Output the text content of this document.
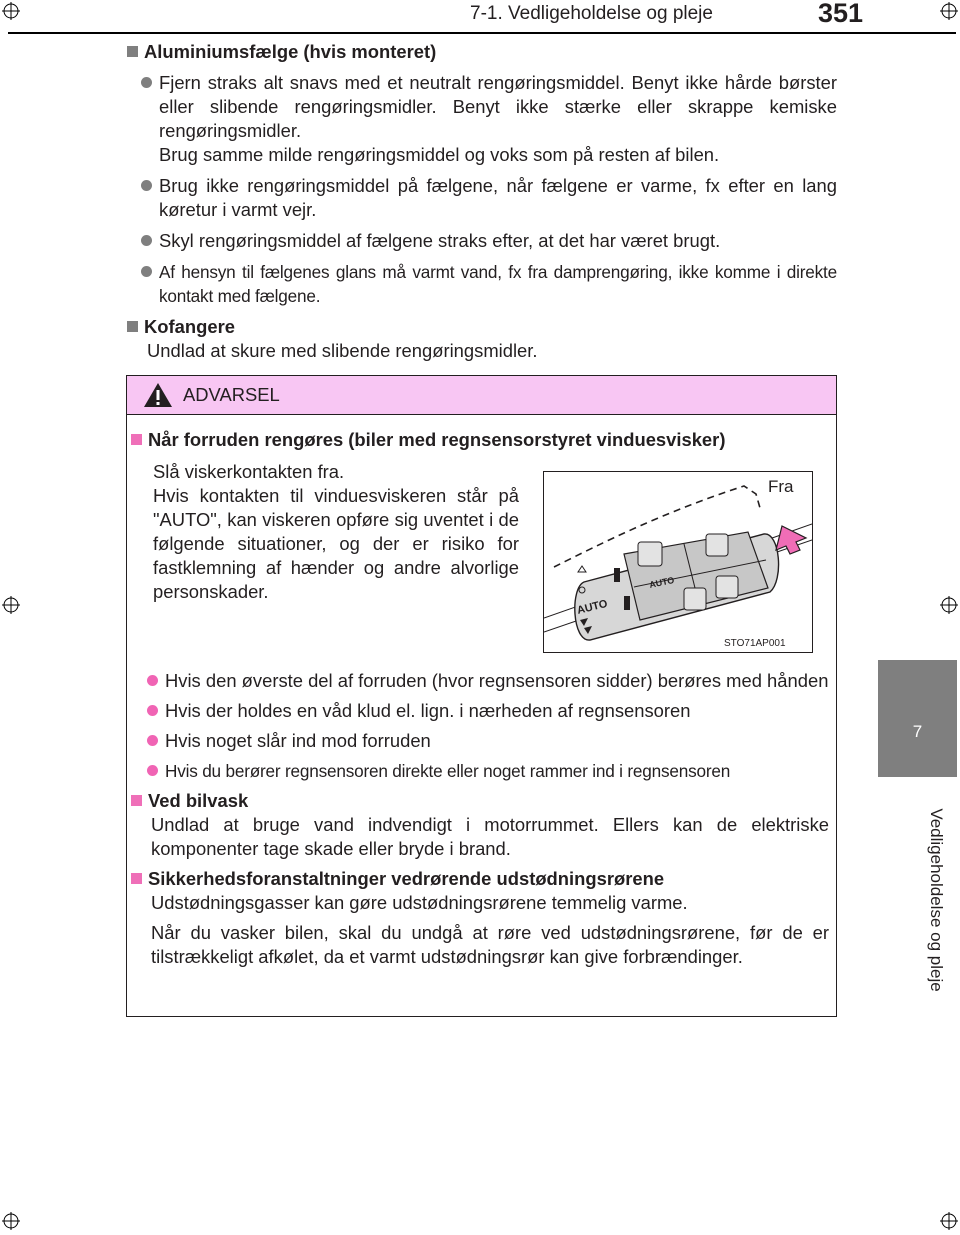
7-1. Vedligeholdelse og pleje	351
7
Vedligeholdelse og pleje

Aluminiumsfælge (hvis monteret)

Fjern straks alt snavs med et neutralt rengøringsmiddel. Benyt ikke hårde børster eller slibende rengøringsmidler. Benyt ikke stærke eller skrappe kemiske rengøringsmidler.

Brug samme milde rengøringsmiddel og voks som på resten af bilen.

Brug ikke rengøringsmiddel på fælgene, når fælgene er varme, fx efter en lang køretur i varmt vejr.

Skyl rengøringsmiddel af fælgene straks efter, at det har været brugt.

Af hensyn til fælgenes glans må varmt vand, fx fra damprengøring, ikke komme i direkte kontakt med fælgene.

Kofangere

Undlad at skure med slibende rengøringsmidler.

ADVARSEL

Når forruden rengøres (biler med regnsensorstyret vinduesvisker)

Slå viskerkontakten fra.

Hvis kontakten til vinduesviskeren står på "AUTO", kan viskeren opføre sig uventet i de følgende situationer, og der er risiko for fastklemning af hænder og andre alvorlige personskader.

Fra
AUTO
AUTO
STO71AP001
Hvis den øverste del af forruden (hvor regnsensoren sidder) berøres med hånden
Hvis der holdes en våd klud el. lign. i nærheden af regnsensoren
Hvis noget slår ind mod forruden
Hvis du berører regnsensoren direkte eller noget rammer ind i regnsensoren

Ved bilvask

Undlad at bruge vand indvendigt i motorrummet. Ellers kan de elektriske komponenter tage skade eller bryde i brand.

Sikkerhedsforanstaltninger vedrørende udstødningsrørene

Udstødningsgasser kan gøre udstødningsrørene temmelig varme.

Når du vasker bilen, skal du undgå at røre ved udstødningsrørene, før de er tilstrækkeligt afkølet, da et varmt udstødningsrør kan give forbrændinger.
